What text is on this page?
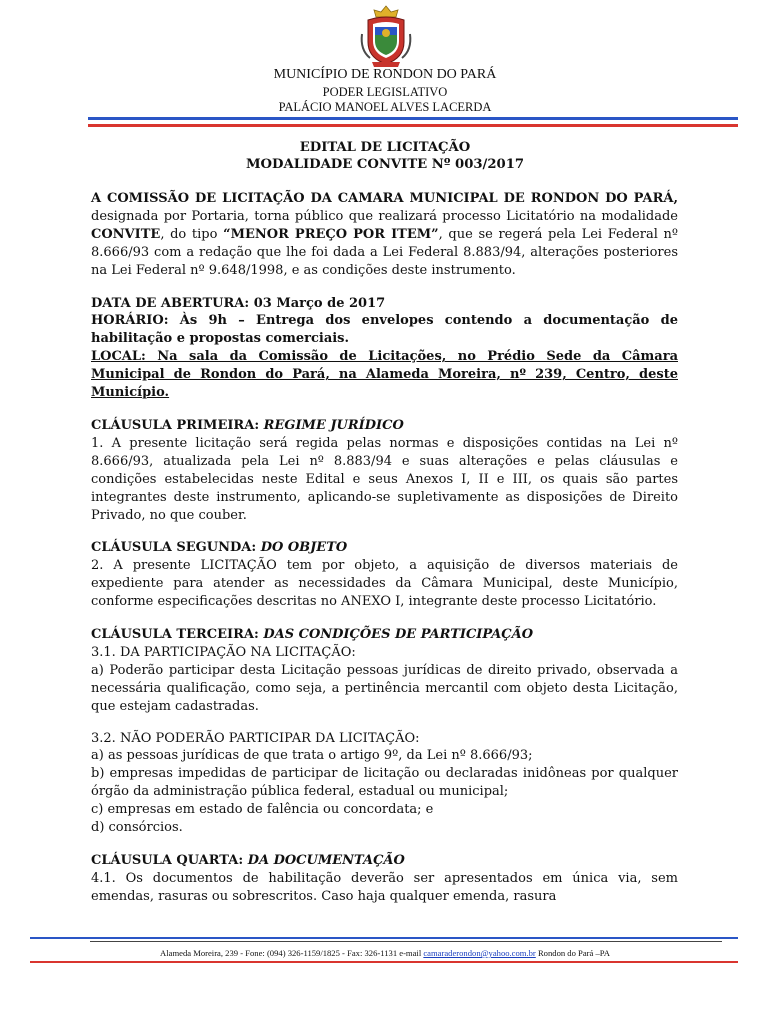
MUNICÍPIO DE RONDON DO PARÁ
PODER LEGISLATIVO
PALÁCIO MANOEL ALVES LACERDA
EDITAL DE LICITAÇÃO
MODALIDADE CONVITE Nº 003/2017

A COMISSÃO DE LICITAÇÃO DA CAMARA MUNICIPAL DE RONDON DO PARÁ, designada por Portaria, torna público que realizará processo Licitatório na modalidade CONVITE, do tipo “MENOR PREÇO POR ITEM”, que se regerá pela Lei Federal nº 8.666/93 com a redação que lhe foi dada a Lei Federal 8.883/94, alterações posteriores na Lei Federal nº 9.648/1998, e as condições deste instrumento.

DATA DE ABERTURA: 03 Março de 2017

HORÁRIO: Às 9h – Entrega dos envelopes contendo a documentação de habilitação e propostas comerciais.

LOCAL: Na sala da Comissão de Licitações, no Prédio Sede da Câmara Municipal de Rondon do Pará, na Alameda Moreira, nº 239, Centro, deste Município.

CLÁUSULA PRIMEIRA: REGIME JURÍDICO

1. A presente licitação será regida pelas normas e disposições contidas na Lei nº 8.666/93, atualizada pela Lei nº 8.883/94 e suas alterações e pelas cláusulas e condições estabelecidas neste Edital e seus Anexos I, II e III, os quais são partes integrantes deste instrumento, aplicando-se supletivamente as disposições de Direito Privado, no que couber.

CLÁUSULA SEGUNDA: DO OBJETO

2. A presente LICITAÇÃO tem por objeto, a aquisição de diversos materiais de expediente para atender as necessidades da Câmara Municipal, deste Município, conforme especificações descritas no ANEXO I, integrante deste processo Licitatório.

CLÁUSULA TERCEIRA: DAS CONDIÇÕES DE PARTICIPAÇÃO

3.1. DA PARTICIPAÇÃO NA LICITAÇÃO:

a) Poderão participar desta Licitação pessoas jurídicas de direito privado, observada a necessária qualificação, como seja, a pertinência mercantil com objeto desta Licitação, que estejam cadastradas.

3.2. NÃO PODERÃO PARTICIPAR DA LICITAÇÃO:

a) as pessoas jurídicas de que trata o artigo 9º, da Lei nº 8.666/93;

b) empresas impedidas de participar de licitação ou declaradas inidôneas por qualquer órgão da administração pública federal, estadual ou municipal;

c) empresas em estado de falência ou concordata; e

d) consórcios.

CLÁUSULA QUARTA: DA DOCUMENTAÇÃO

4.1. Os documentos de habilitação deverão ser apresentados em única via, sem emendas, rasuras ou sobrescritos. Caso haja qualquer emenda, rasura

Alameda Moreira, 239 - Fone: (094) 326-1159/1825 - Fax: 326-1131 e-mail camaraderondon@yahoo.com.br Rondon do Pará –PA
